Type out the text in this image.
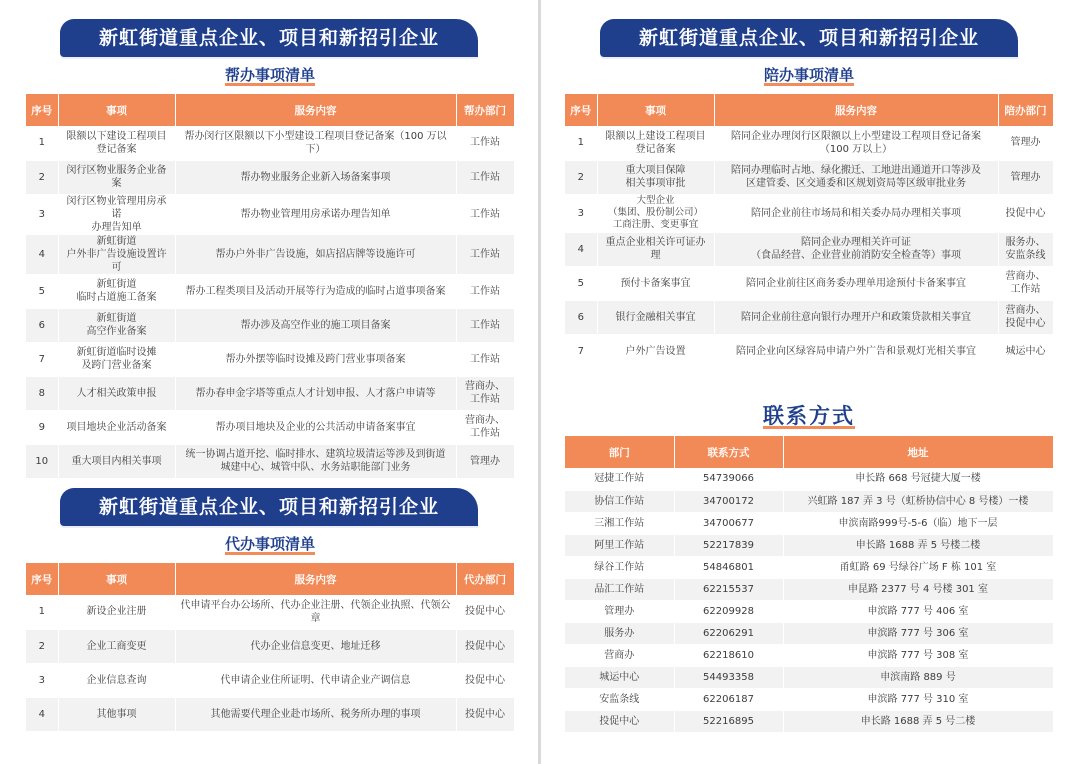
新虹街道重点企业、项目和新招引企业
帮办事项清单
序号	事项	服务内容	帮办部门
1	限额以下建设工程项目
登记备案	帮办闵行区限额以下小型建设工程项目登记备案（100 万以下）	工作站
2	闵行区物业服务企业备案	帮办物业服务企业新入场备案事项	工作站
3	闵行区物业管理用房承诺
办理告知单	帮办物业管理用房承诺办理告知单	工作站
4	新虹街道
户外非广告设施设置许可	帮办户外非广告设施，如店招店牌等设施许可	工作站
5	新虹街道
临时占道施工备案	帮办工程类项目及活动开展等行为造成的临时占道事项备案	工作站
6	新虹街道
高空作业备案	帮办涉及高空作业的施工项目备案	工作站
7	新虹街道临时设摊
及跨门营业备案	帮办外摆等临时设摊及跨门营业事项备案	工作站
8	人才相关政策申报	帮办春申金字塔等重点人才计划申报、人才落户申请等	营商办、
工作站
9	项目地块企业活动备案	帮办项目地块及企业的公共活动申请备案事宜	营商办、
工作站
10	重大项目内相关事项	统一协调占道开挖、临时排水、建筑垃圾清运等涉及到街道
城建中心、城管中队、水务站职能部门业务	管理办
新虹街道重点企业、项目和新招引企业
代办事项清单
序号	事项	服务内容	代办部门
1	新设企业注册	代申请平台办公场所、代办企业注册、代领企业执照、代领公章	投促中心
2	企业工商变更	代办企业信息变更、地址迁移	投促中心
3	企业信息查询	代申请企业住所证明、代申请企业产调信息	投促中心
4	其他事项	其他需要代理企业赴市场所、税务所办理的事项	投促中心
新虹街道重点企业、项目和新招引企业
陪办事项清单
序号	事项	服务内容	陪办部门
1	限额以上建设工程项目
登记备案	陪同企业办理闵行区限额以上小型建设工程项目登记备案
（100 万以上）	管理办
2	重大项目保障
相关事项审批	陪同办理临时占地、绿化搬迁、工地进出通道开口等涉及
区建管委、区交通委和区规划资局等区级审批业务	管理办
3	大型企业
（集团、股份制公司）
工商注册、变更事宜	陪同企业前往市场局和相关委办局办理相关事项	投促中心
4	重点企业相关许可证办理	陪同企业办理相关许可证
（食品经营、企业营业前消防安全检查等）事项	服务办、
安监条线
5	预付卡备案事宜	陪同企业前往区商务委办理单用途预付卡备案事宜	营商办、
工作站
6	银行金融相关事宜	陪同企业前往意向银行办理开户和政策贷款相关事宜	营商办、
投促中心
7	户外广告设置	陪同企业向区绿容局申请户外广告和景观灯光相关事宜	城运中心
联系方式
部门	联系方式	地址
冠捷工作站	54739066	申长路 668 号冠捷大厦一楼
协信工作站	34700172	兴虹路 187 弄 3 号（虹桥协信中心 8 号楼）一楼
三湘工作站	34700677	申滨南路999号-5-6（临）地下一层
阿里工作站	52217839	申长路 1688 弄 5 号楼二楼
绿谷工作站	54846801	甬虹路 69 号绿谷广场 F 栋 101 室
品汇工作站	62215537	申昆路 2377 号 4 号楼 301 室
管理办	62209928	申滨路 777 号 406 室
服务办	62206291	申滨路 777 号 306 室
营商办	62218610	申滨路 777 号 308 室
城运中心	54493358	申滨南路 889 号
安监条线	62206187	申滨路 777 号 310 室
投促中心	52216895	申长路 1688 弄 5 号二楼
